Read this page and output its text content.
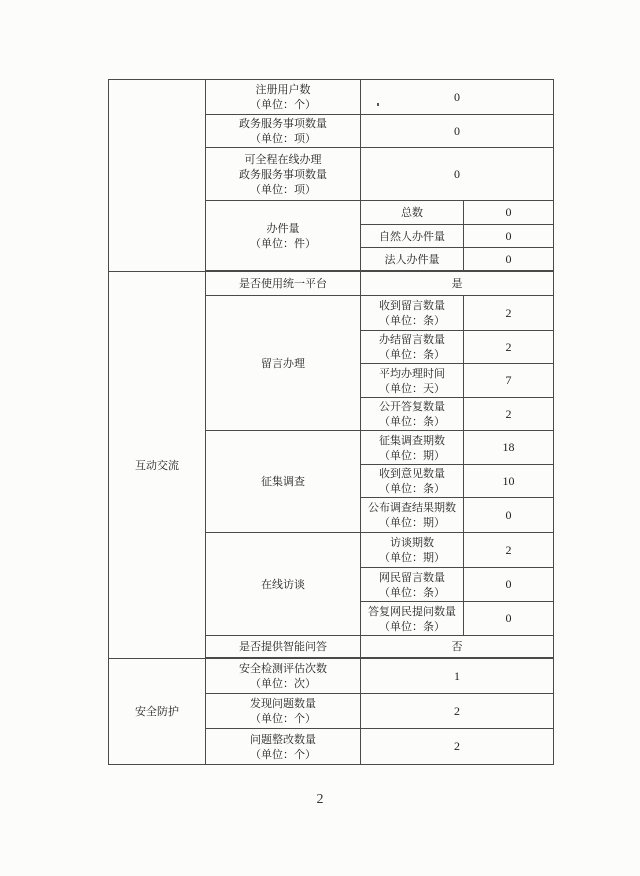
	注册用户数
（单位：个）	0	

	政务服务事项数量
（单位：项）	0	

	可全程在线办理
政务服务事项数量
（单位：项）	0	

	办件量
（单位：件）	总数	0
		自然人办件量	0
		法人办件量	0

互动交流	是否使用统一平台	是	
	留言办理	收到留言数量
（单位：条）	2

		办结留言数量
（单位：条）	2

		平均办理时间
（单位：天）	7

		公开答复数量
（单位：条）	2
	征集调查	征集调查期数
（单位：期）	18

		收到意见数量
（单位：条）	10

		公布调查结果期数
（单位：期）	0
	在线访谈	访谈期数
（单位：期）	2

		网民留言数量
（单位：条）	0

		答复网民提问数量
（单位：条）	0
	是否提供智能问答	否	

安全防护	安全检测评估次数
（单位：次）	1	

	发现问题数量
（单位：个）	2	

	问题整改数量
（单位：个）	2	
2
